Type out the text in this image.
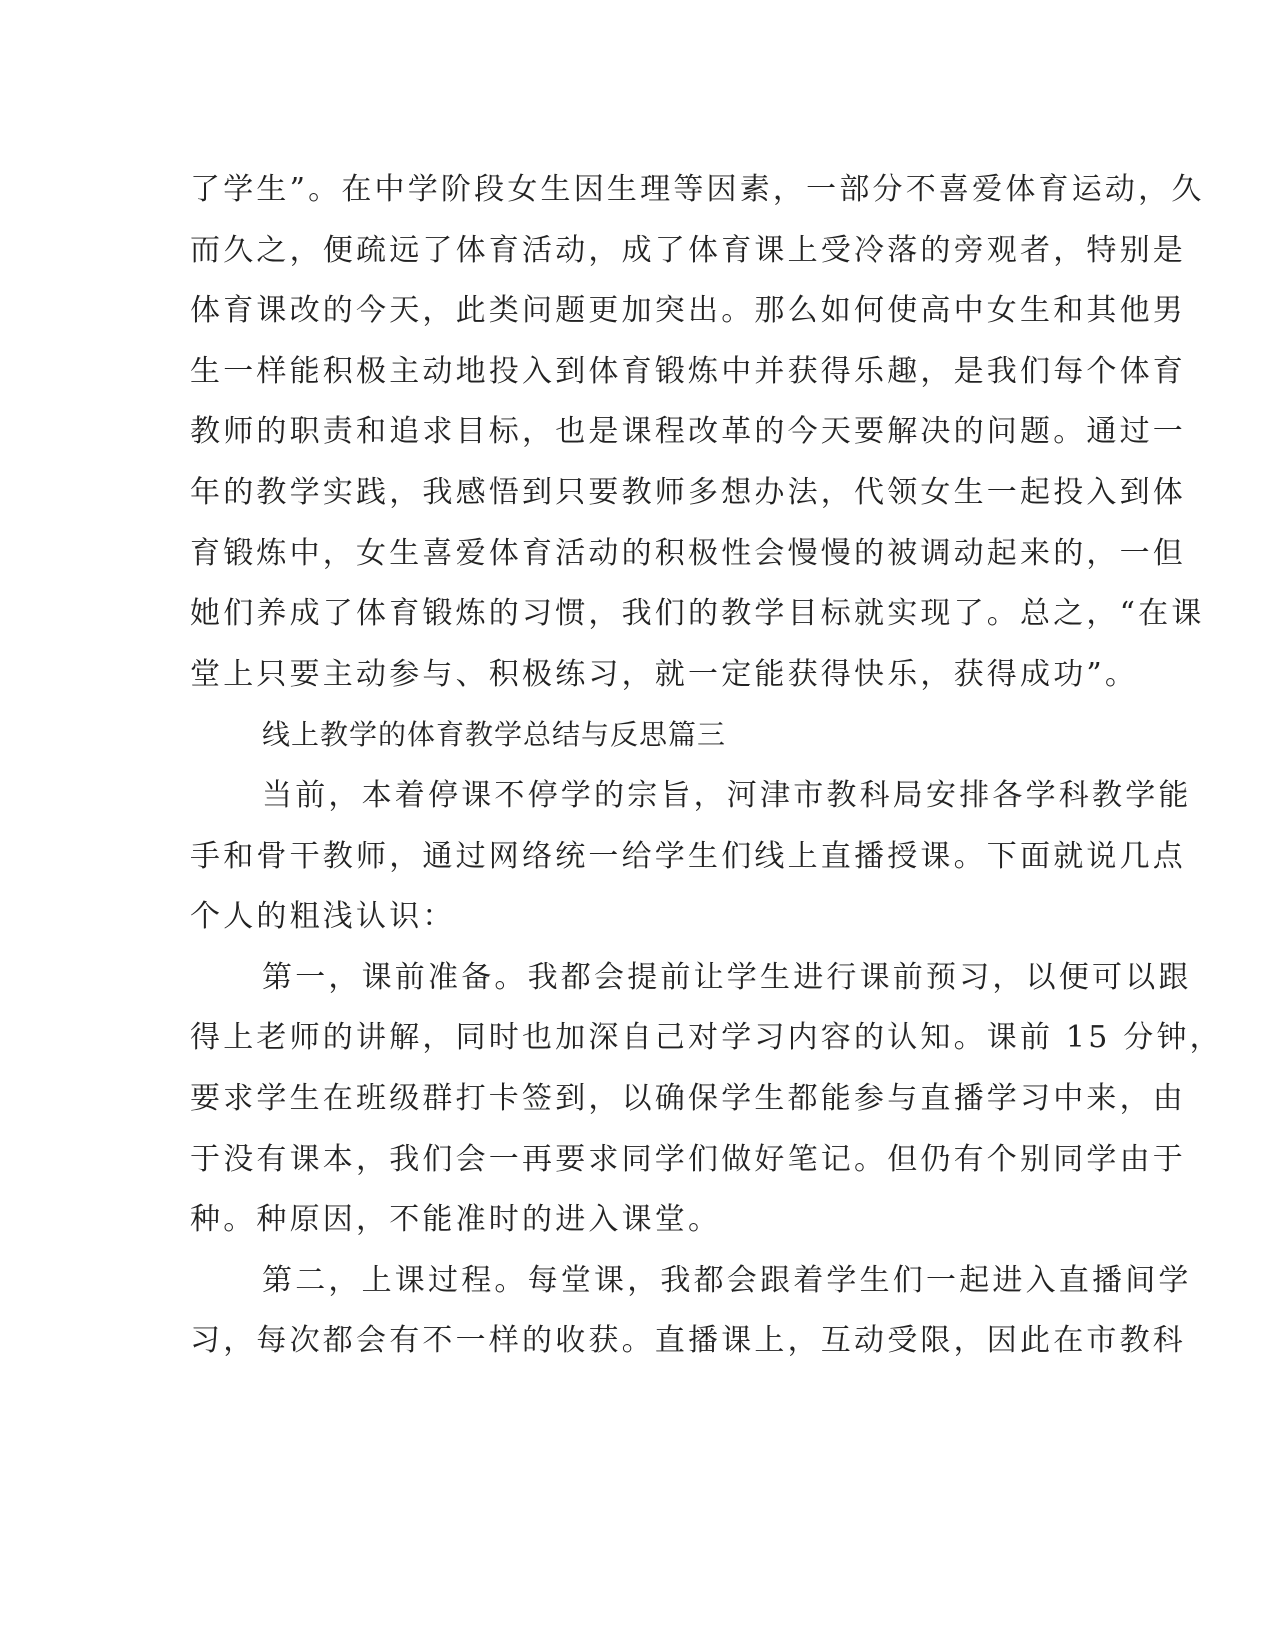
了学生”。在中学阶段女生因生理等因素，一部分不喜爱体育运动，久
而久之，便疏远了体育活动，成了体育课上受冷落的旁观者，特别是
体育课改的今天，此类问题更加突出。那么如何使高中女生和其他男
生一样能积极主动地投入到体育锻炼中并获得乐趣，是我们每个体育
教师的职责和追求目标，也是课程改革的今天要解决的问题。通过一
年的教学实践，我感悟到只要教师多想办法，代领女生一起投入到体
育锻炼中，女生喜爱体育活动的积极性会慢慢的被调动起来的，一但
她们养成了体育锻炼的习惯，我们的教学目标就实现了。总之，“在课
堂上只要主动参与、积极练习，就一定能获得快乐，获得成功”。
线上教学的体育教学总结与反思篇三
当前，本着停课不停学的宗旨，河津市教科局安排各学科教学能
手和骨干教师，通过网络统一给学生们线上直播授课。下面就说几点
个人的粗浅认识：
第一，课前准备。我都会提前让学生进行课前预习，以便可以跟
得上老师的讲解，同时也加深自己对学习内容的认知。课前 15 分钟，
要求学生在班级群打卡签到，以确保学生都能参与直播学习中来，由
于没有课本，我们会一再要求同学们做好笔记。但仍有个别同学由于
种。种原因，不能准时的进入课堂。
第二，上课过程。每堂课，我都会跟着学生们一起进入直播间学
习，每次都会有不一样的收获。直播课上，互动受限，因此在市教科
